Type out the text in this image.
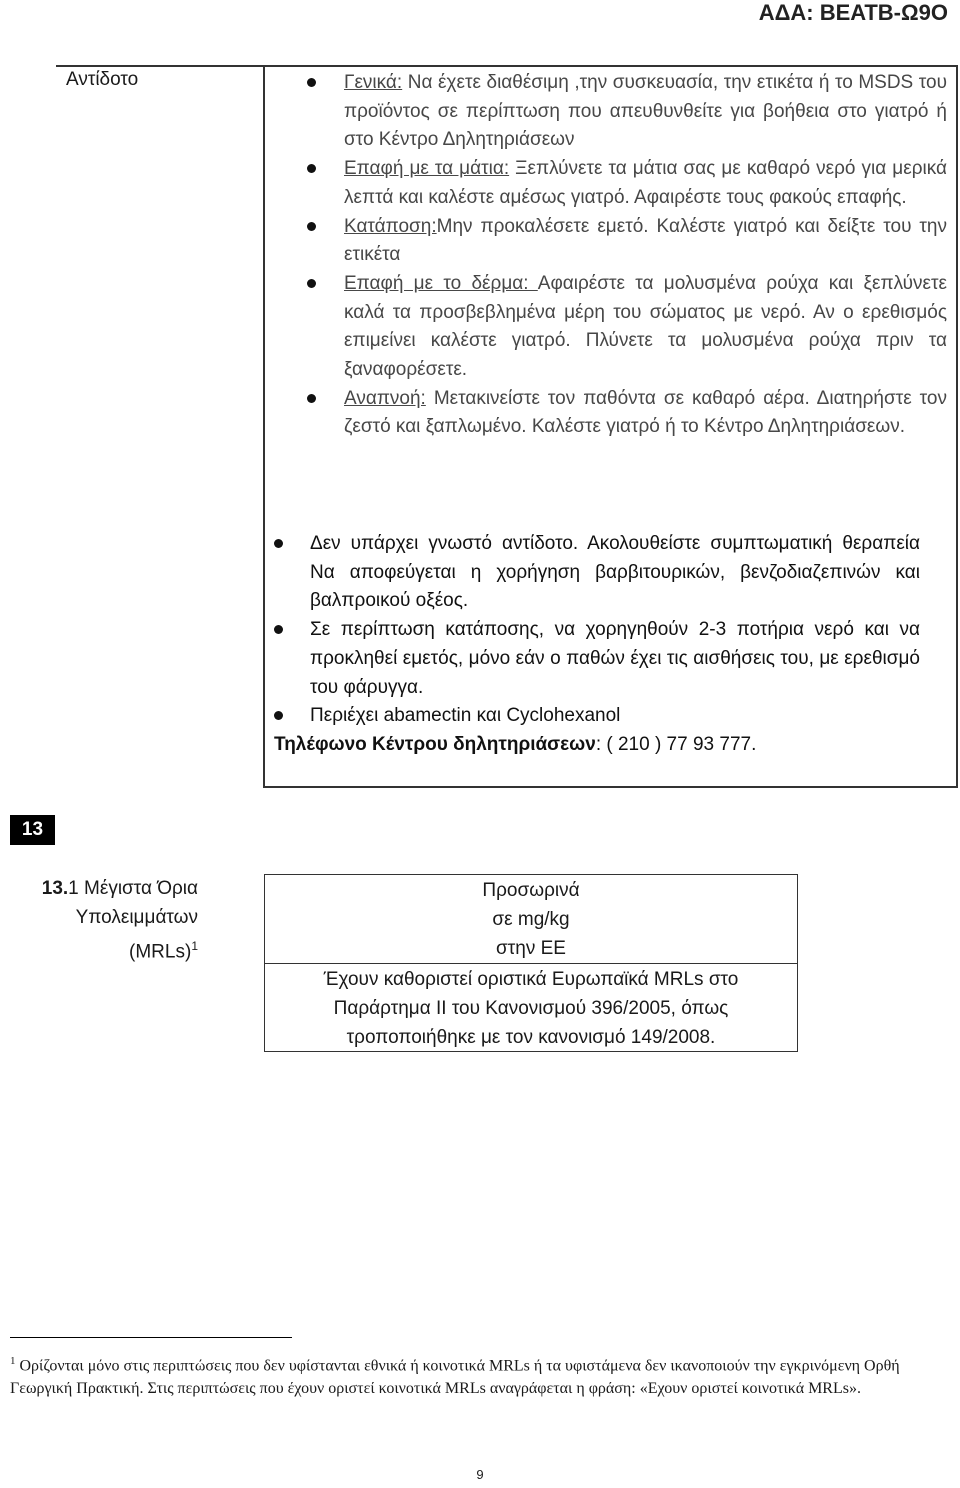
ΑΔΑ: ΒΕΑΤΒ-Ω9Ο
Αντίδοτο	Γενικά: Να έχετε διαθέσιμη ,την συσκευασία, την ετικέτα ή το MSDS του προϊόντος σε περίπτωση που απευθυνθείτε για βοήθεια στο γιατρό ή στο Κέντρο Δηλητηριάσεων

Επαφή με τα μάτια: Ξεπλύνετε τα μάτια σας με καθαρό νερό για μερικά λεπτά και καλέστε αμέσως γιατρό. Αφαιρέστε τους φακούς επαφής.

Κατάποση:Μην προκαλέσετε εμετό. Καλέστε γιατρό και δείξτε του την ετικέτα

Επαφή με το δέρμα: Αφαιρέστε τα μολυσμένα ρούχα και ξεπλύνετε καλά τα προσβεβλημένα μέρη του σώματος με νερό. Αν ο ερεθισμός επιμείνει καλέστε γιατρό. Πλύνετε τα μολυσμένα ρούχα πριν τα ξαναφορέσετε.

Αναπνοή: Μετακινείστε τον παθόντα σε καθαρό αέρα. Διατηρήστε τον ζεστό και ξαπλωμένο. Καλέστε γιατρό ή το Κέντρο Δηλητηριάσεων.

Δεν υπάρχει γνωστό αντίδοτο. Ακολουθείστε συμπτωματική θεραπεία Να αποφεύγεται η χορήγηση βαρβιτουρικών, βενζοδιαζεπινών και βαλπροικού οξέος.

Σε περίπτωση κατάποσης, να χορηγηθούν 2-3 ποτήρια νερό και να προκληθεί εμετός, μόνο εάν ο παθών έχει τις αισθήσεις του, με ερεθισμό του φάρυγγα.

Περιέχει abamectin και Cyclohexanol

Τηλέφωνο Κέντρου δηλητηριάσεων: ( 210 ) 77 93 777.

13
13.1 Μέγιστα Όρια Υπολειμμάτων
(MRLs)$^1$
Προσωρινά
σε mg/kg
στην ΕΕ
Έχουν καθοριστεί οριστικά Ευρωπαϊκά MRLs στο
Παράρτημα ΙΙ του Κανονισμού 396/2005, όπως
τροποποιήθηκε με τον κανονισμό 149/2008.
$^1$ Ορίζονται μόνο στις περιπτώσεις που δεν υφίστανται εθνικά ή κοινοτικά MRLs ή τα υφιστάμενα δεν ικανοποιούν την εγκρινόμενη Ορθή Γεωργική Πρακτική. Στις περιπτώσεις που έχουν οριστεί κοινοτικά MRLs αναγράφεται η φράση: «Εχουν οριστεί κοινοτικά MRLs».
9
